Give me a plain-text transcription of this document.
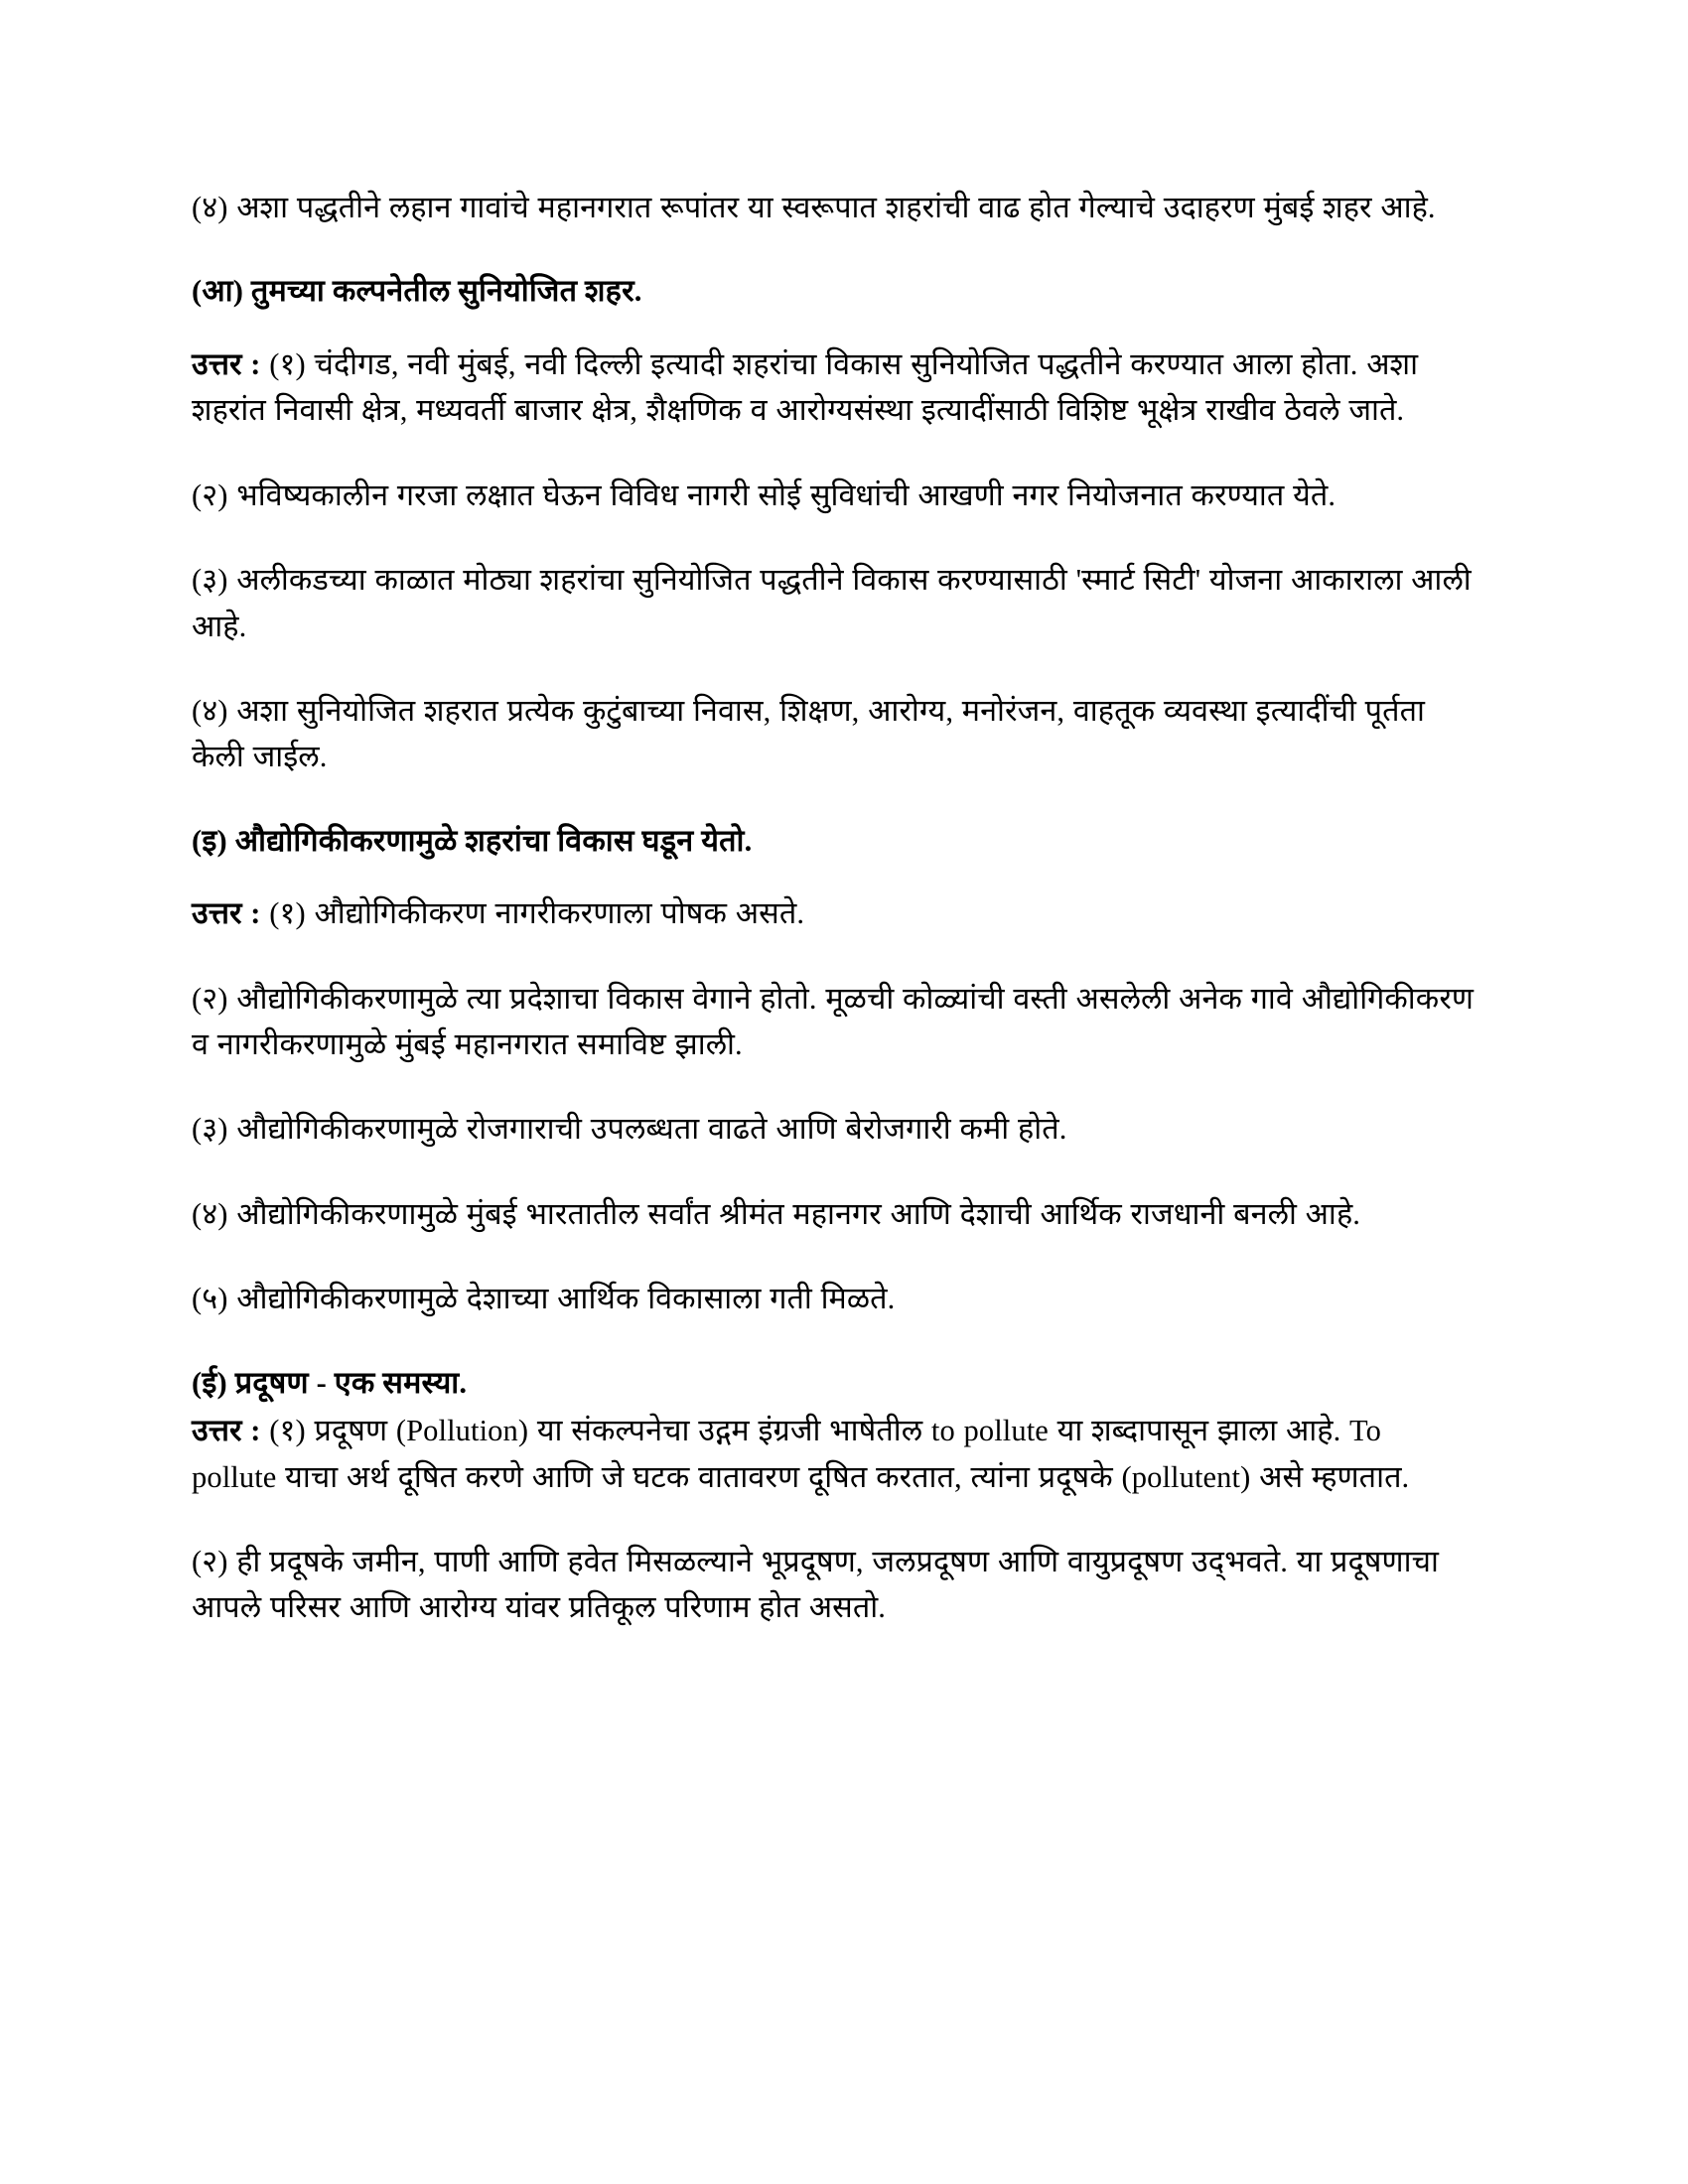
(४) अशा पद्धतीने लहान गावांचे महानगरात रूपांतर या स्वरूपात शहरांची वाढ होत गेल्याचे उदाहरण मुंबई शहर आहे.

(आ) तुमच्या कल्पनेतील सुनियोजित शहर.

उत्तर : (१) चंदीगड, नवी मुंबई, नवी दिल्ली इत्यादी शहरांचा विकास सुनियोजित पद्धतीने करण्यात आला होता. अशा शहरांत निवासी क्षेत्र, मध्यवर्ती बाजार क्षेत्र, शैक्षणिक व आरोग्यसंस्था इत्यादींसाठी विशिष्ट भूक्षेत्र राखीव ठेवले जाते.

(२) भविष्यकालीन गरजा लक्षात घेऊन विविध नागरी सोई सुविधांची आखणी नगर नियोजनात करण्यात येते.

(३) अलीकडच्या काळात मोठ्या शहरांचा सुनियोजित पद्धतीने विकास करण्यासाठी 'स्मार्ट सिटी' योजना आकाराला आली आहे.

(४) अशा सुनियोजित शहरात प्रत्येक कुटुंबाच्या निवास, शिक्षण, आरोग्य, मनोरंजन, वाहतूक व्यवस्था इत्यादींची पूर्तता केली जाईल.

(इ) औद्योगिकीकरणामुळे शहरांचा विकास घडून येतो.

उत्तर : (१) औद्योगिकीकरण नागरीकरणाला पोषक असते.

(२) औद्योगिकीकरणामुळे त्या प्रदेशाचा विकास वेगाने होतो. मूळची कोळ्यांची वस्ती असलेली अनेक गावे औद्योगिकीकरण व नागरीकरणामुळे मुंबई महानगरात समाविष्ट झाली.

(३) औद्योगिकीकरणामुळे रोजगाराची उपलब्धता वाढते आणि बेरोजगारी कमी होते.

(४) औद्योगिकीकरणामुळे मुंबई भारतातील सर्वांत श्रीमंत महानगर आणि देशाची आर्थिक राजधानी बनली आहे.

(५) औद्योगिकीकरणामुळे देशाच्या आर्थिक विकासाला गती मिळते.

(ई) प्रदूषण - एक समस्या.

उत्तर : (१) प्रदूषण (Pollution) या संकल्पनेचा उद्गम इंग्रजी भाषेतील to pollute या शब्दापासून झाला आहे. To pollute याचा अर्थ दूषित करणे आणि जे घटक वातावरण दूषित करतात, त्यांना प्रदूषके (pollutent) असे म्हणतात.

(२) ही प्रदूषके जमीन, पाणी आणि हवेत मिसळल्याने भूप्रदूषण, जलप्रदूषण आणि वायुप्रदूषण उद्‌भवते. या प्रदूषणाचा आपले परिसर आणि आरोग्य यांवर प्रतिकूल परिणाम होत असतो.
